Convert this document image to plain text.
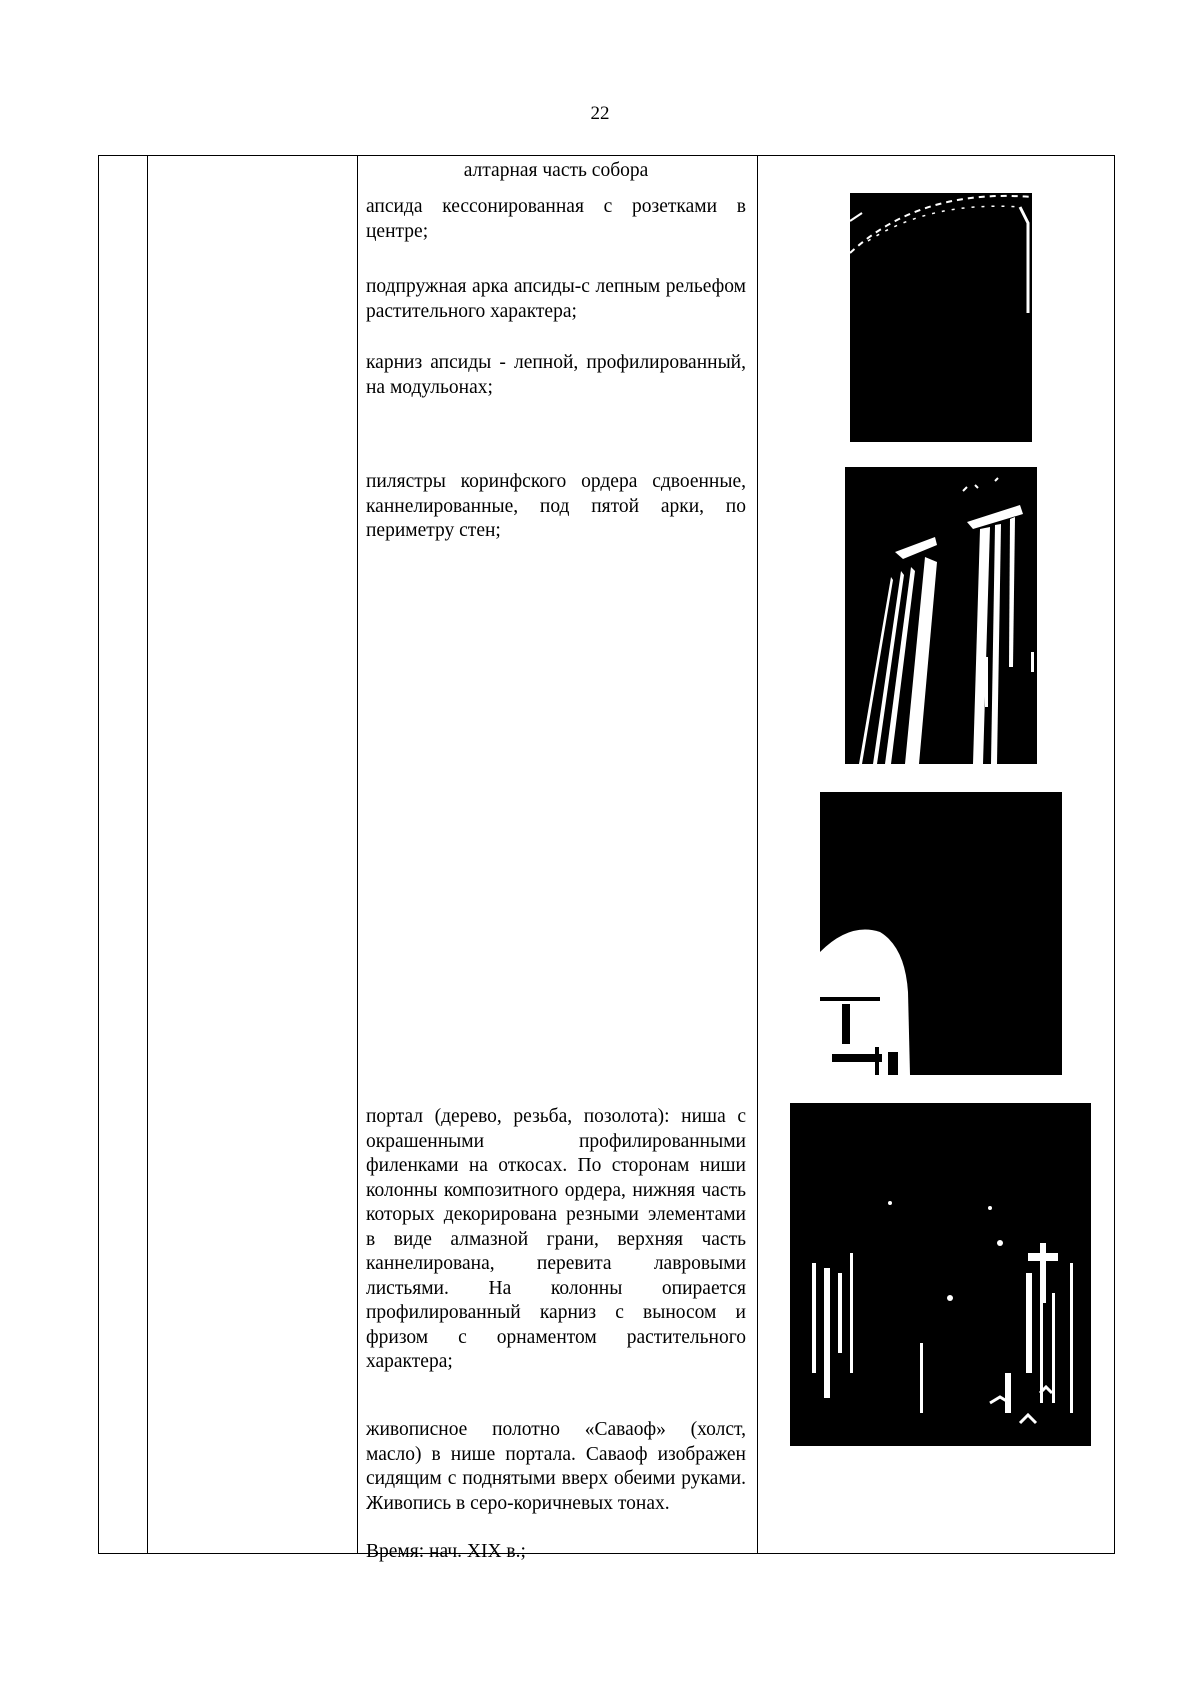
22
алтарная часть собора
апсида кессонированная с розетками в центре;
подпружная арка апсиды-с лепным рельефом растительного характера;
карниз апсиды - лепной, профилированный, на модульонах;
пилястры коринфского ордера сдвоенные, каннелированные, под пятой арки, по периметру стен;
портал (дерево, резьба, позолота): ниша с окрашенными профилированными филенками на откосах. По сторонам ниши колонны композитного ордера, нижняя часть которых декорирована резными элементами в виде алмазной грани, верхняя часть каннелирована, перевита лавровыми листьями. На колонны опирается профилированный карниз с выносом и фризом с орнаментом растительного характера;
живописное полотно «Саваоф» (холст, масло) в нише портала. Саваоф изображен сидящим с поднятыми вверх обеими руками. Живопись в серо-коричневых тонах.
Время: нач. XIX в.;
